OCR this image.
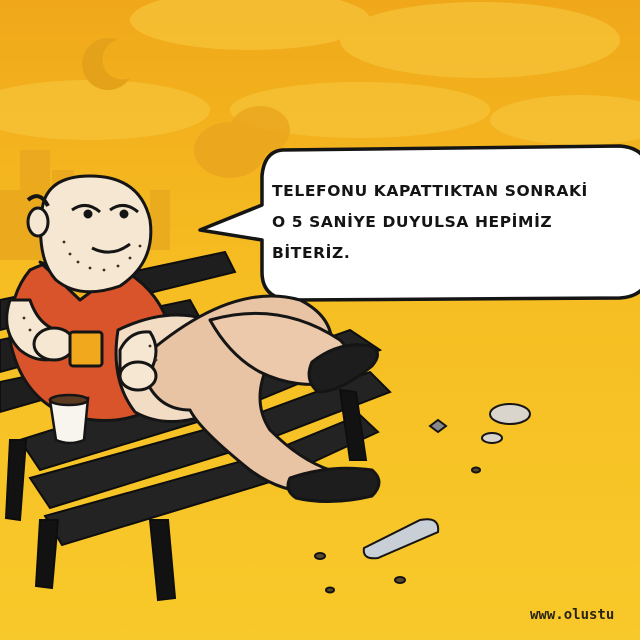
TELEFONU KAPATTIKTAN SONRAKİ
O 5 SANİYE DUYULSA HEPİMİZ
BİTERİZ.
www.olustu
